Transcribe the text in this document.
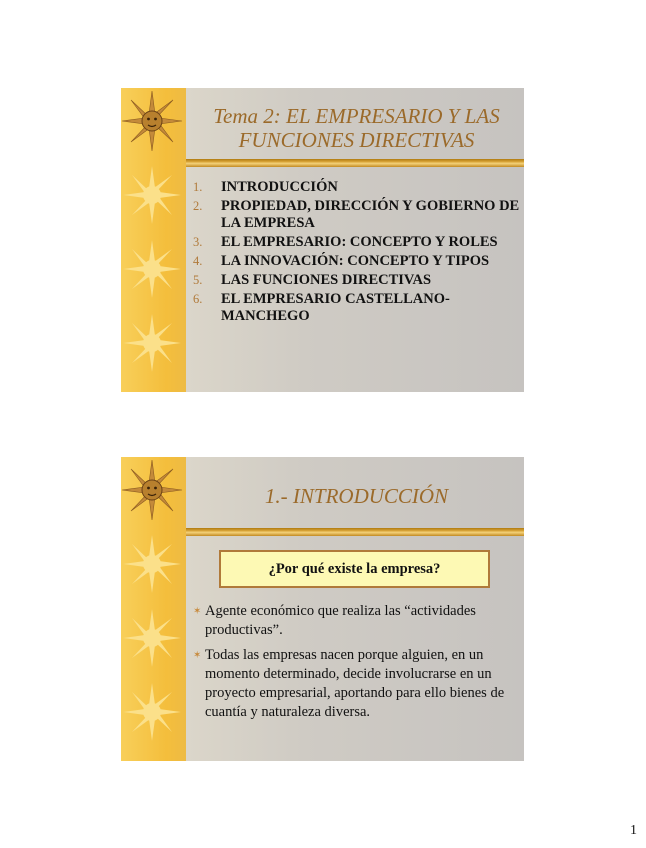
Tema 2: EL EMPRESARIO Y LAS FUNCIONES DIRECTIVAS
1.	INTRODUCCIÓN
2.	PROPIEDAD, DIRECCIÓN Y GOBIERNO DE LA EMPRESA
3.	EL EMPRESARIO: CONCEPTO Y ROLES
4.	LA INNOVACIÓN: CONCEPTO Y TIPOS
5.	LAS FUNCIONES DIRECTIVAS
6.	EL EMPRESARIO CASTELLANO-MANCHEGO
1.- INTRODUCCIÓN
¿Por qué existe la empresa?
✶ Agente económico que realiza las “actividades productivas”.
✶ Todas las empresas nacen porque alguien, en un momento determinado, decide involucrarse en un proyecto empresarial, aportando para ello bienes de cuantía y naturaleza diversa.
1
